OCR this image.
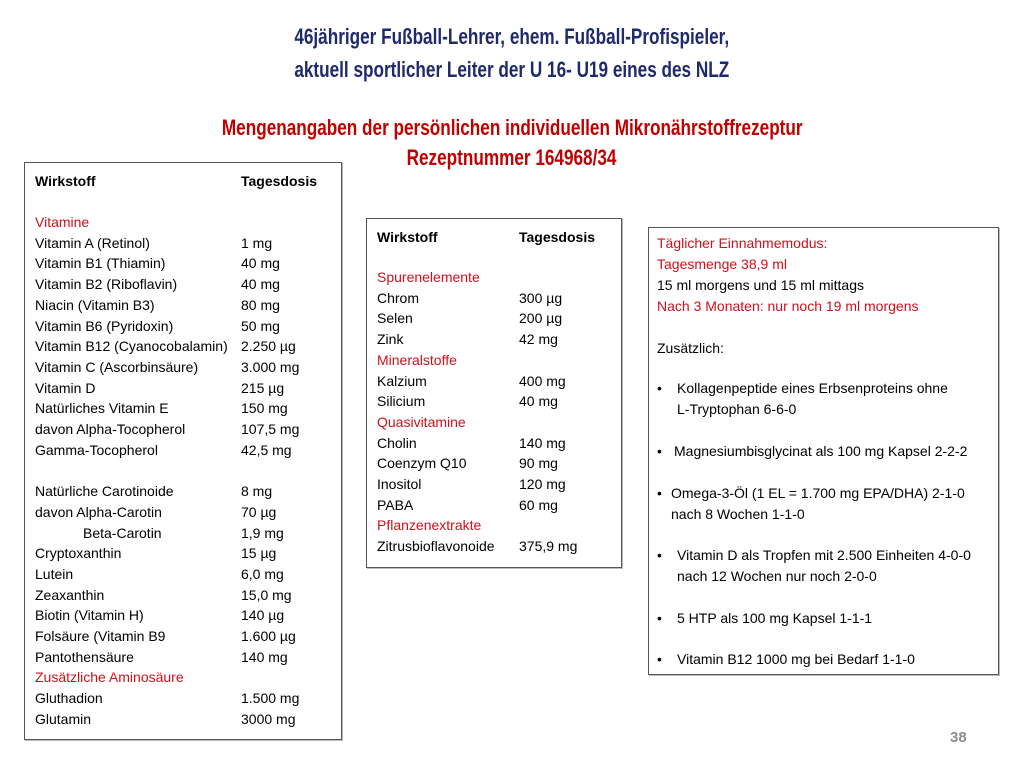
46jähriger Fußball-Lehrer, ehem. Fußball-Profispieler,
aktuell sportlicher Leiter der U 16- U19 eines des NLZ
Mengenangaben der persönlichen individuellen Mikronährstoffrezeptur
Rezeptnummer 164968/34
Wirkstoff	Tagesdosis
Vitamine
Vitamin A (Retinol)	1 mg
Vitamin B1 (Thiamin)	40 mg
Vitamin B2 (Riboflavin)	40 mg
Niacin (Vitamin B3)	80 mg
Vitamin B6 (Pyridoxin)	50 mg
Vitamin B12 (Cyanocobalamin) 2.250 µg
Vitamin C (Ascorbinsäure)	3.000 mg
Vitamin D	215 µg
Natürliches Vitamin E	150 mg
davon Alpha-Tocopherol	107,5 mg
Gamma-Tocopherol	42,5 mg
Natürliche Carotinoide	8 mg
davon Alpha-Carotin	70 µg
Beta-Carotin	1,9 mg
Cryptoxanthin	15 µg
Lutein	6,0 mg
Zeaxanthin	15,0 mg
Biotin (Vitamin H)	140 µg
Folsäure (Vitamin B9	1.600 µg
Pantothensäure	140 mg
Zusätzliche Aminosäure
Gluthadion	1.500 mg
Glutamin	3000 mg
Wirkstoff	Tagesdosis
Spurenelemente
Chrom	300 µg
Selen	200 µg
Zink	42 mg
Mineralstoffe
Kalzium	400 mg
Silicium	40 mg
Quasivitamine
Cholin	140 mg
Coenzym Q10	90 mg
Inositol	120 mg
PABA	60 mg
Pflanzenextrakte
Zitrusbioflavonoide 375,9 mg
Täglicher Einnahmemodus:
Tagesmenge 38,9 ml
15 ml morgens und 15 ml mittags
Nach 3 Monaten: nur noch 19 ml morgens
Zusätzlich:
• Kollagenpeptide eines Erbsenproteins ohne
L-Tryptophan 6-6-0
• Magnesiumbisglycinat als 100 mg Kapsel 2-2-2
• Omega-3-Öl (1 EL = 1.700 mg EPA/DHA) 2-1-0
nach 8 Wochen 1-1-0
• Vitamin D als Tropfen mit 2.500 Einheiten 4-0-0
nach 12 Wochen nur noch 2-0-0
• 5 HTP als 100 mg Kapsel 1-1-1
• Vitamin B12 1000 mg bei Bedarf 1-1-0
38
